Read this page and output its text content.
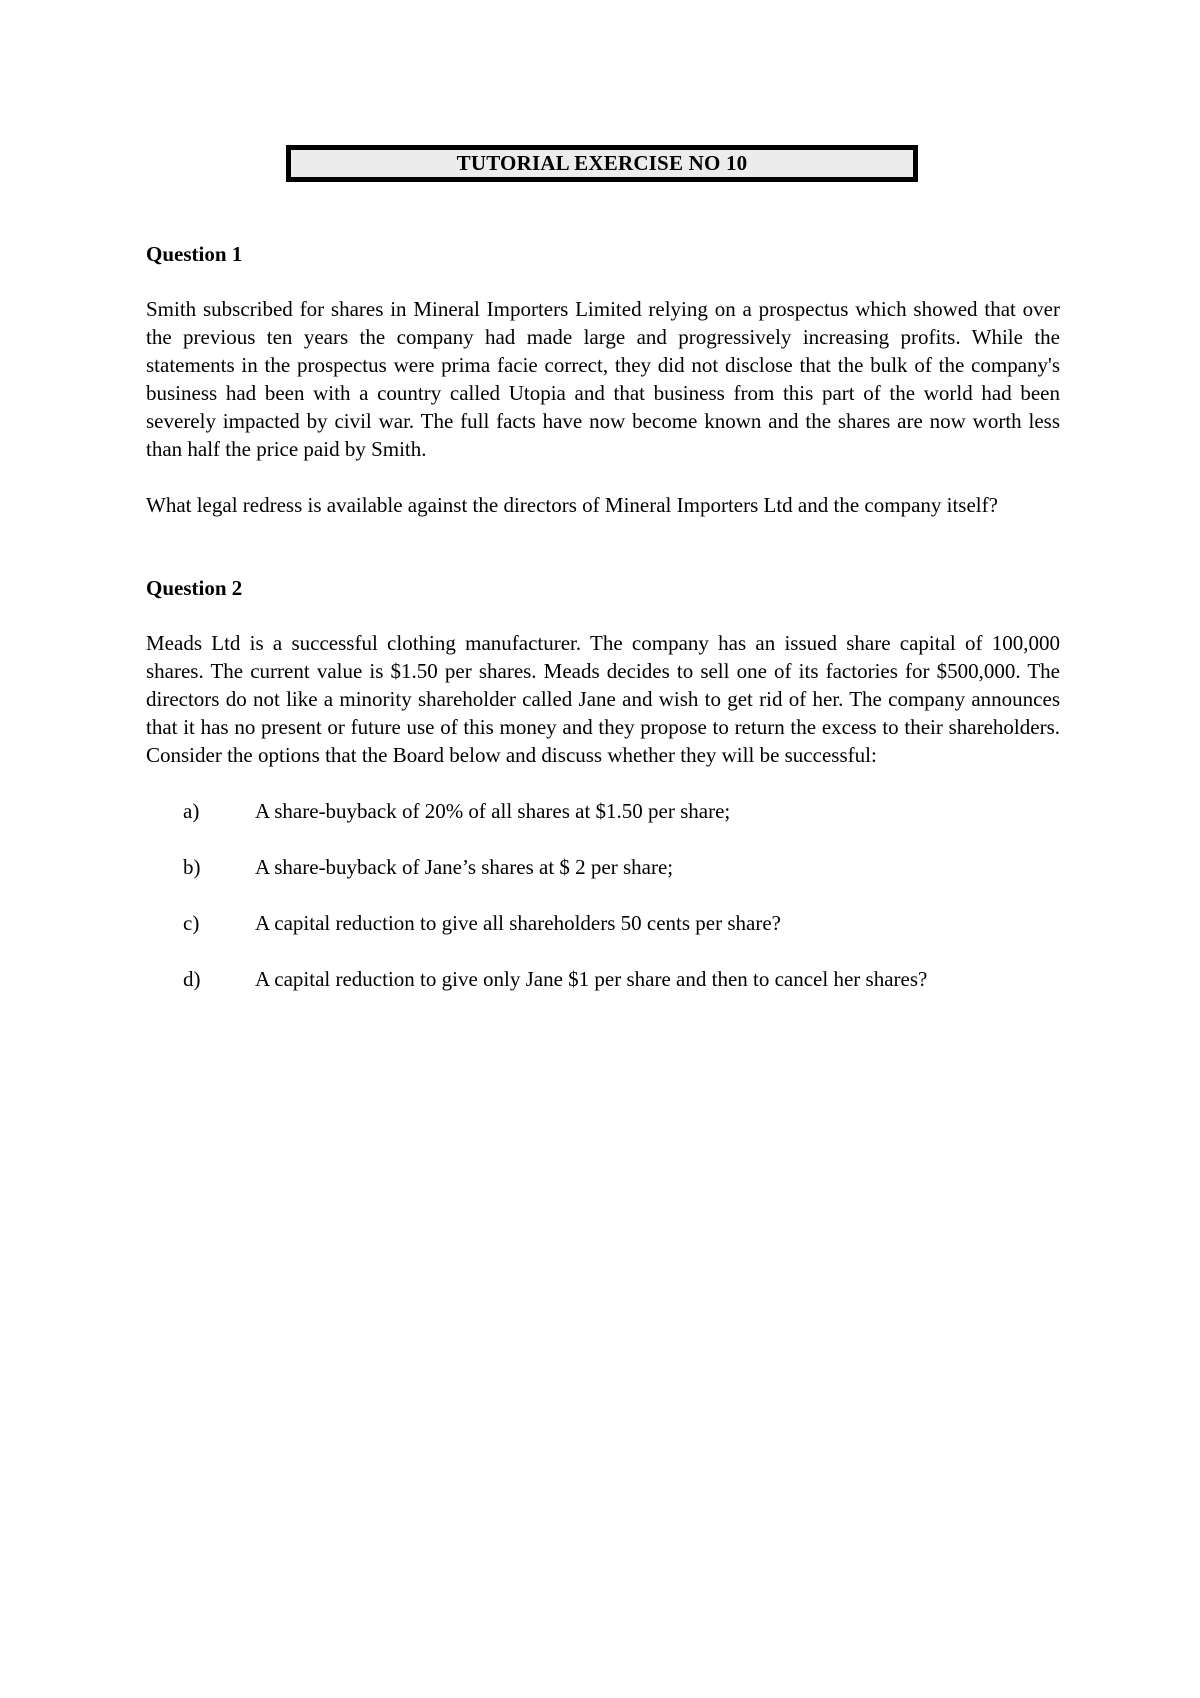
TUTORIAL EXERCISE NO 10

Question 1

Smith subscribed for shares in Mineral Importers Limited relying on a prospectus which showed that over the previous ten years the company had made large and progressively increasing profits. While the statements in the prospectus were prima facie correct, they did not disclose that the bulk of the company's business had been with a country called Utopia and that business from this part of the world had been severely impacted by civil war. The full facts have now become known and the shares are now worth less than half the price paid by Smith.

What legal redress is available against the directors of Mineral Importers Ltd and the company itself?

Question 2

Meads Ltd is a successful clothing manufacturer. The company has an issued share capital of 100,000 shares. The current value is $1.50 per shares. Meads decides to sell one of its factories for $500,000. The directors do not like a minority shareholder called Jane and wish to get rid of her. The company announces that it has no present or future use of this money and they propose to return the excess to their shareholders. Consider the options that the Board below and discuss whether they will be successful:

a)	A share-buyback of 20% of all shares at $1.50 per share;
b)	A share-buyback of Jane’s shares at $ 2 per share;
c)	A capital reduction to give all shareholders 50 cents per share?
d)	A capital reduction to give only Jane $1 per share and then to cancel her shares?
